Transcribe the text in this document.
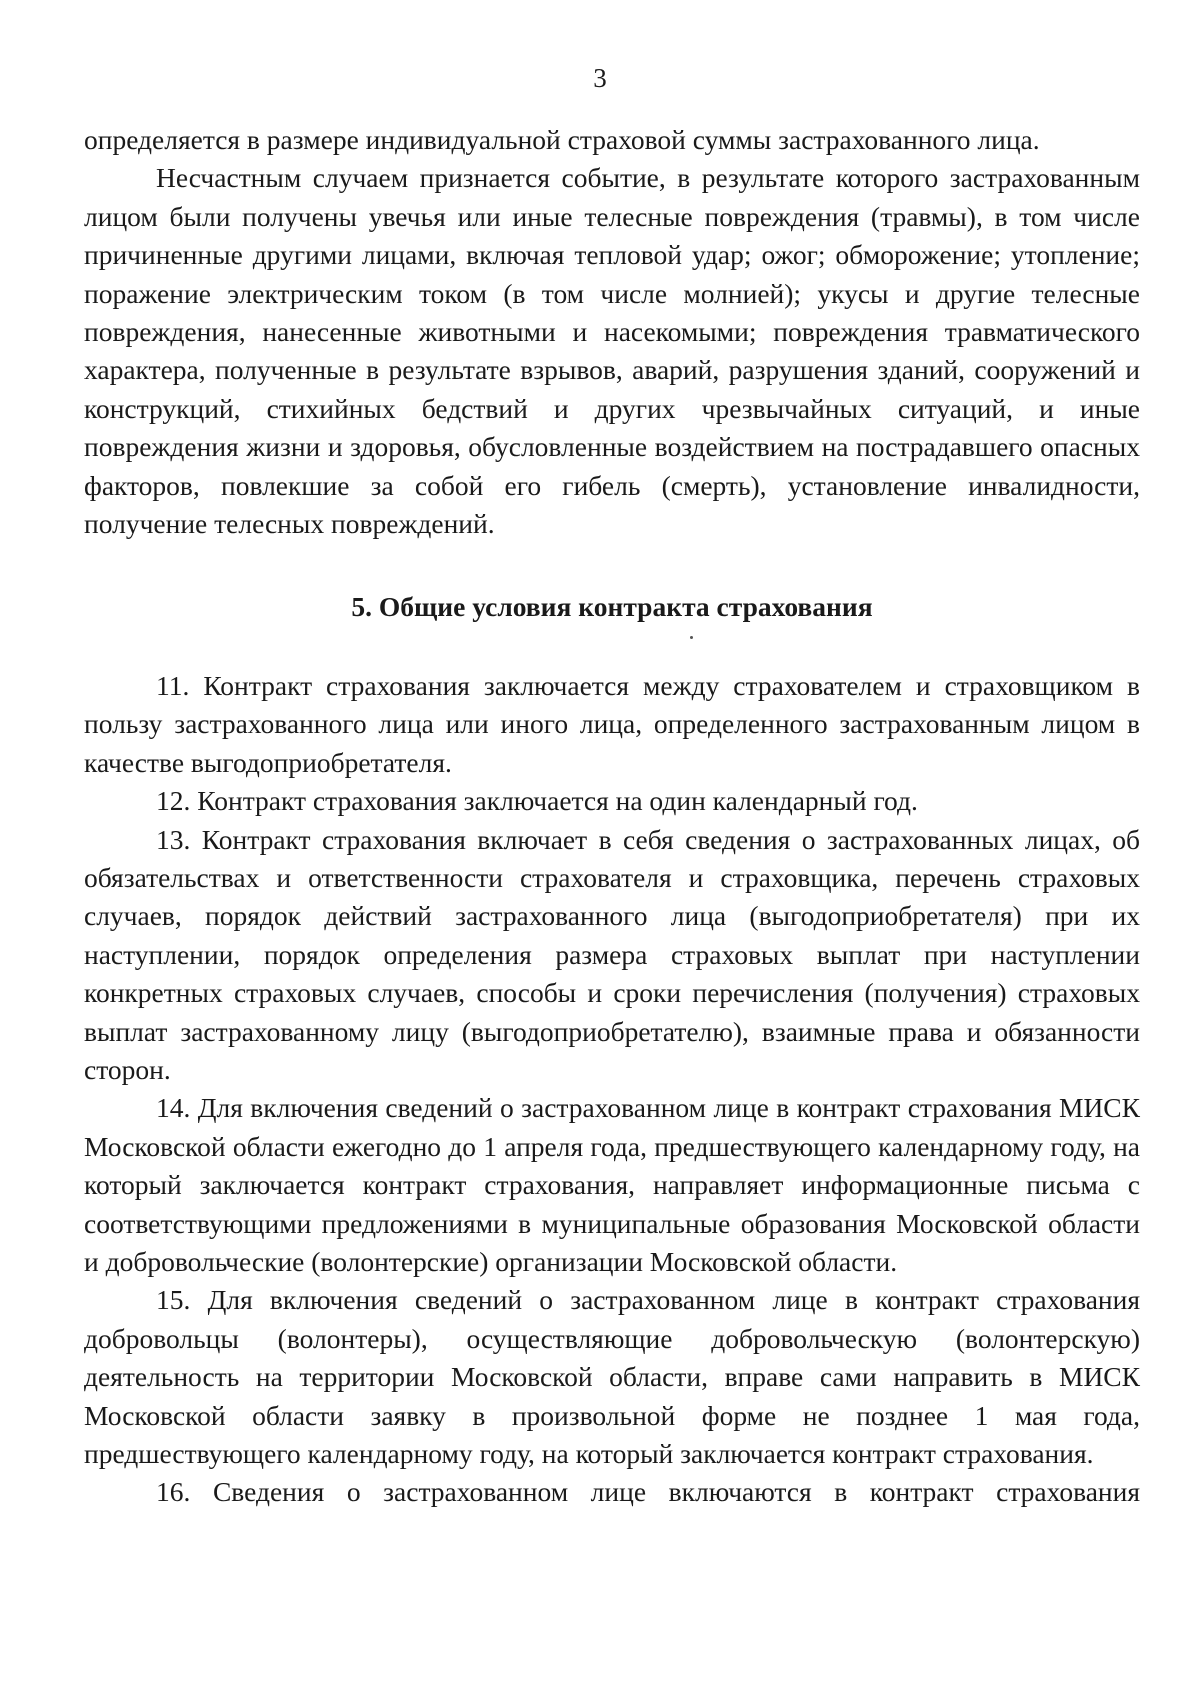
3

определяется в размере индивидуальной страховой суммы застрахованного лица.

Несчастным случаем признается событие, в результате которого застрахованным лицом были получены увечья или иные телесные повреждения (травмы), в том числе причиненные другими лицами, включая тепловой удар; ожог; обморожение; утопление; поражение электрическим током (в том числе молнией); укусы и другие телесные повреждения, нанесенные животными и насекомыми; повреждения травматического характера, полученные в результате взрывов, аварий, разрушения зданий, сооружений и конструкций, стихийных бедствий и других чрезвычайных ситуаций, и иные повреждения жизни и здоровья, обусловленные воздействием на пострадавшего опасных факторов, повлекшие за собой его гибель (смерть), установление инвалидности, получение телесных повреждений.

5. Общие условия контракта страхования

11. Контракт страхования заключается между страхователем и страховщиком в пользу застрахованного лица или иного лица, определенного застрахованным лицом в качестве выгодоприобретателя.

12. Контракт страхования заключается на один календарный год.

13. Контракт страхования включает в себя сведения о застрахованных лицах, об обязательствах и ответственности страхователя и страховщика, перечень страховых случаев, порядок действий застрахованного лица (выгодоприобретателя) при их наступлении, порядок определения размера страховых выплат при наступлении конкретных страховых случаев, способы и сроки перечисления (получения) страховых выплат застрахованному лицу (выгодоприобретателю), взаимные права и обязанности сторон.

14. Для включения сведений о застрахованном лице в контракт страхования МИСК Московской области ежегодно до 1 апреля года, предшествующего календарному году, на который заключается контракт страхования, направляет информационные письма с соответствующими предложениями в муниципальные образования Московской области и добровольческие (волонтерские) организации Московской области.

15. Для включения сведений о застрахованном лице в контракт страхования добровольцы (волонтеры), осуществляющие добровольческую (волонтерскую) деятельность на территории Московской области, вправе сами направить в МИСК Московской области заявку в произвольной форме не позднее 1 мая года, предшествующего календарному году, на который заключается контракт страхования.

16. Сведения о застрахованном лице включаются в контракт страхования
